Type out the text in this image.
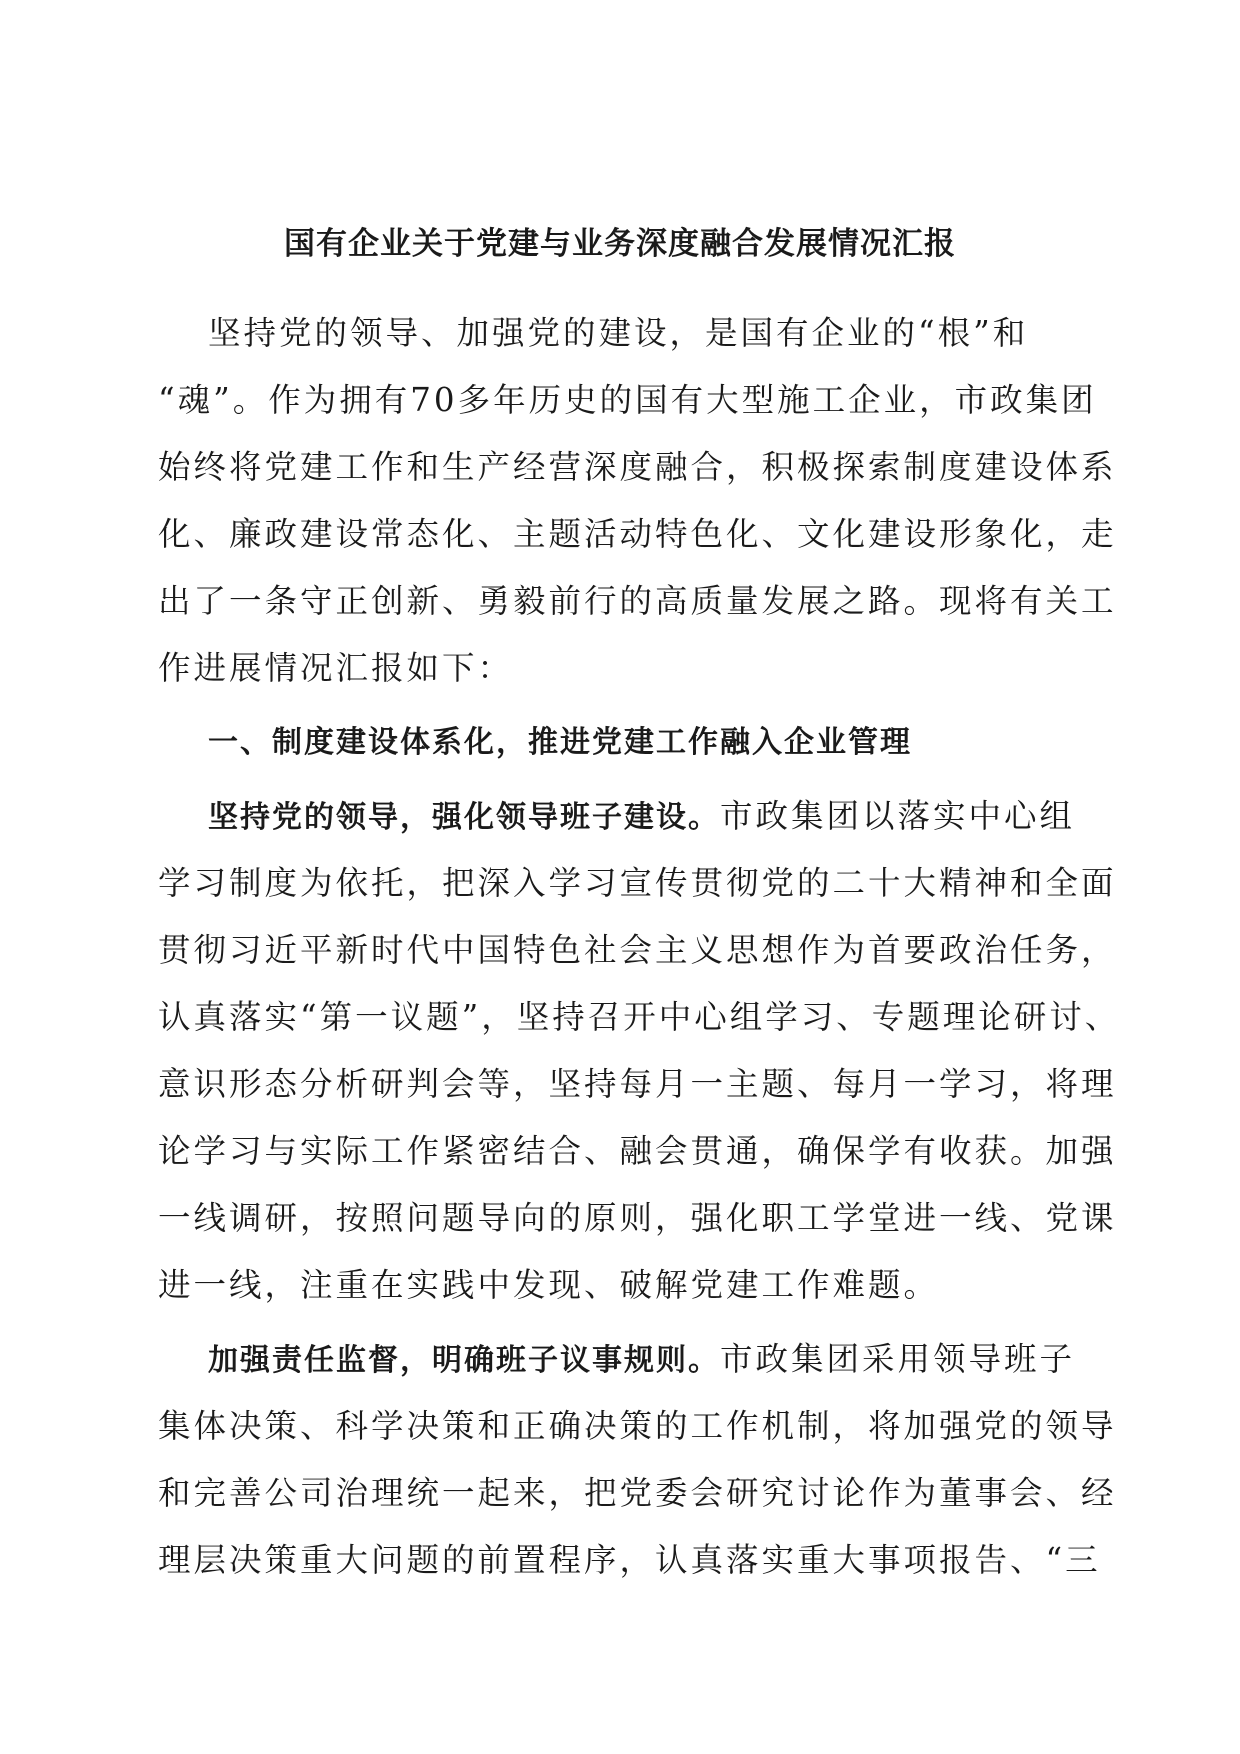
国有企业关于党建与业务深度融合发展情况汇报
坚持党的领导、加强党的建设，是国有企业的“根”和
“魂”。作为拥有70多年历史的国有大型施工企业，市政集团
始终将党建工作和生产经营深度融合，积极探索制度建设体系
化、廉政建设常态化、主题活动特色化、文化建设形象化，走
出了一条守正创新、勇毅前行的高质量发展之路。现将有关工
作进展情况汇报如下：
一、制度建设体系化，推进党建工作融入企业管理
坚持党的领导，强化领导班子建设。市政集团以落实中心组
学习制度为依托，把深入学习宣传贯彻党的二十大精神和全面
贯彻习近平新时代中国特色社会主义思想作为首要政治任务，
认真落实“第一议题”，坚持召开中心组学习、专题理论研讨、
意识形态分析研判会等，坚持每月一主题、每月一学习，将理
论学习与实际工作紧密结合、融会贯通，确保学有收获。加强
一线调研，按照问题导向的原则，强化职工学堂进一线、党课
进一线，注重在实践中发现、破解党建工作难题。
加强责任监督，明确班子议事规则。市政集团采用领导班子
集体决策、科学决策和正确决策的工作机制，将加强党的领导
和完善公司治理统一起来，把党委会研究讨论作为董事会、经
理层决策重大问题的前置程序，认真落实重大事项报告、“三
